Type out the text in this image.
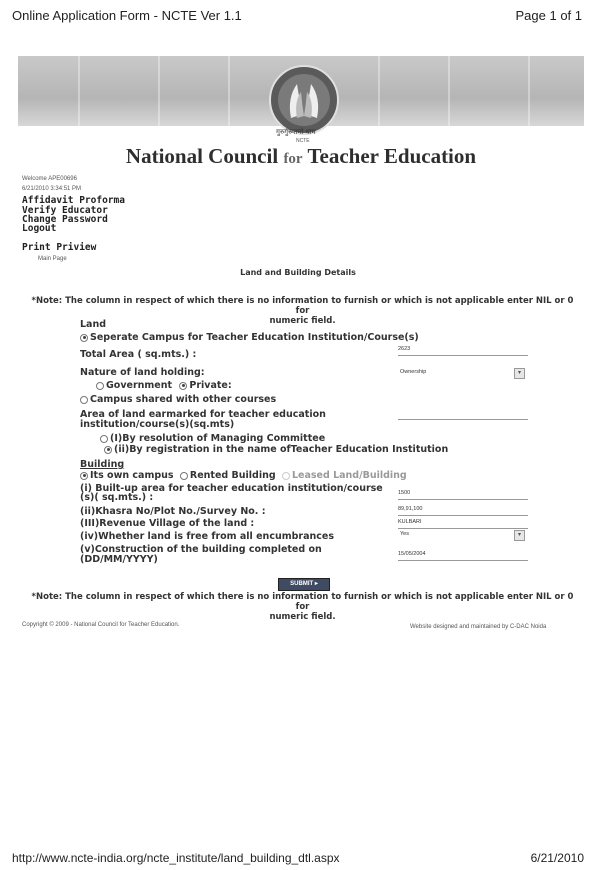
Online Application Form - NCTE Ver 1.1	Page 1 of 1
गुरुर्गुरूतमो धाम
NCTE
National Council for Teacher Education
Welcome APE00696
6/21/2010 3:34:51 PM
Affidavit Proforma
Verify Educator
Change Password
Logout
Print Priview
Main Page
Land and Building Details
*Note: The column in respect of which there is no information to furnish or which is not applicable enter NIL or 0 for
numeric field.
Land
Seperate Campus for Teacher Education Institution/Course(s)
Total Area ( sq.mts.) :	2623
Nature of land holding:	Ownership	▾
Government Private:
Campus shared with other courses
Area of land earmarked for teacher education
institution/course(s)(sq.mts)
(I)By resolution of Managing Committee
(ii)By registration in the name ofTeacher Education Institution
Building
Its own campus Rented Building Leased Land/Building
(i) Built-up area for teacher education institution/course
(s)( sq.mts.) :	1500
(ii)Khasra No/Plot No./Survey No. :	89,91,100
(III)Revenue Village of the land :	KULBARI
(iv)Whether land is free from all encumbrances	Yes	▾
(v)Construction of the building completed on
(DD/MM/YYYY)	15/05/2004
SUBMIT ▸
*Note: The column in respect of which there is no information to furnish or which is not applicable enter NIL or 0 for
numeric field.
Copyright © 2009 - National Council for Teacher Education.	Website designed and maintained by C-DAC Noida
http://www.ncte-india.org/ncte_institute/land_building_dtl.aspx	6/21/2010
